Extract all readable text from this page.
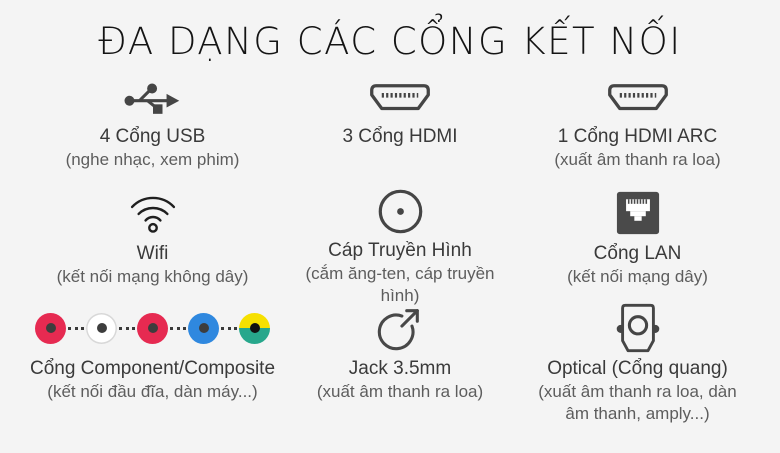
ĐA DẠNG CÁC CỔNG KẾT NỐI
4 Cổng USB
(nghe nhạc, xem phim)
3 Cổng HDMI	1 Cổng HDMI ARC
(xuất âm thanh ra loa)
Wifi
(kết nối mạng không dây)
Cáp Truyền Hình
(cắm ăng-ten, cáp truyền hình)
Cổng LAN
(kết nối mạng dây)
Cổng Component/Composite
(kết nối đầu đĩa, dàn máy...)
Jack 3.5mm
(xuất âm thanh ra loa)
Optical (Cổng quang)
(xuất âm thanh ra loa, dàn âm thanh, amply...)
